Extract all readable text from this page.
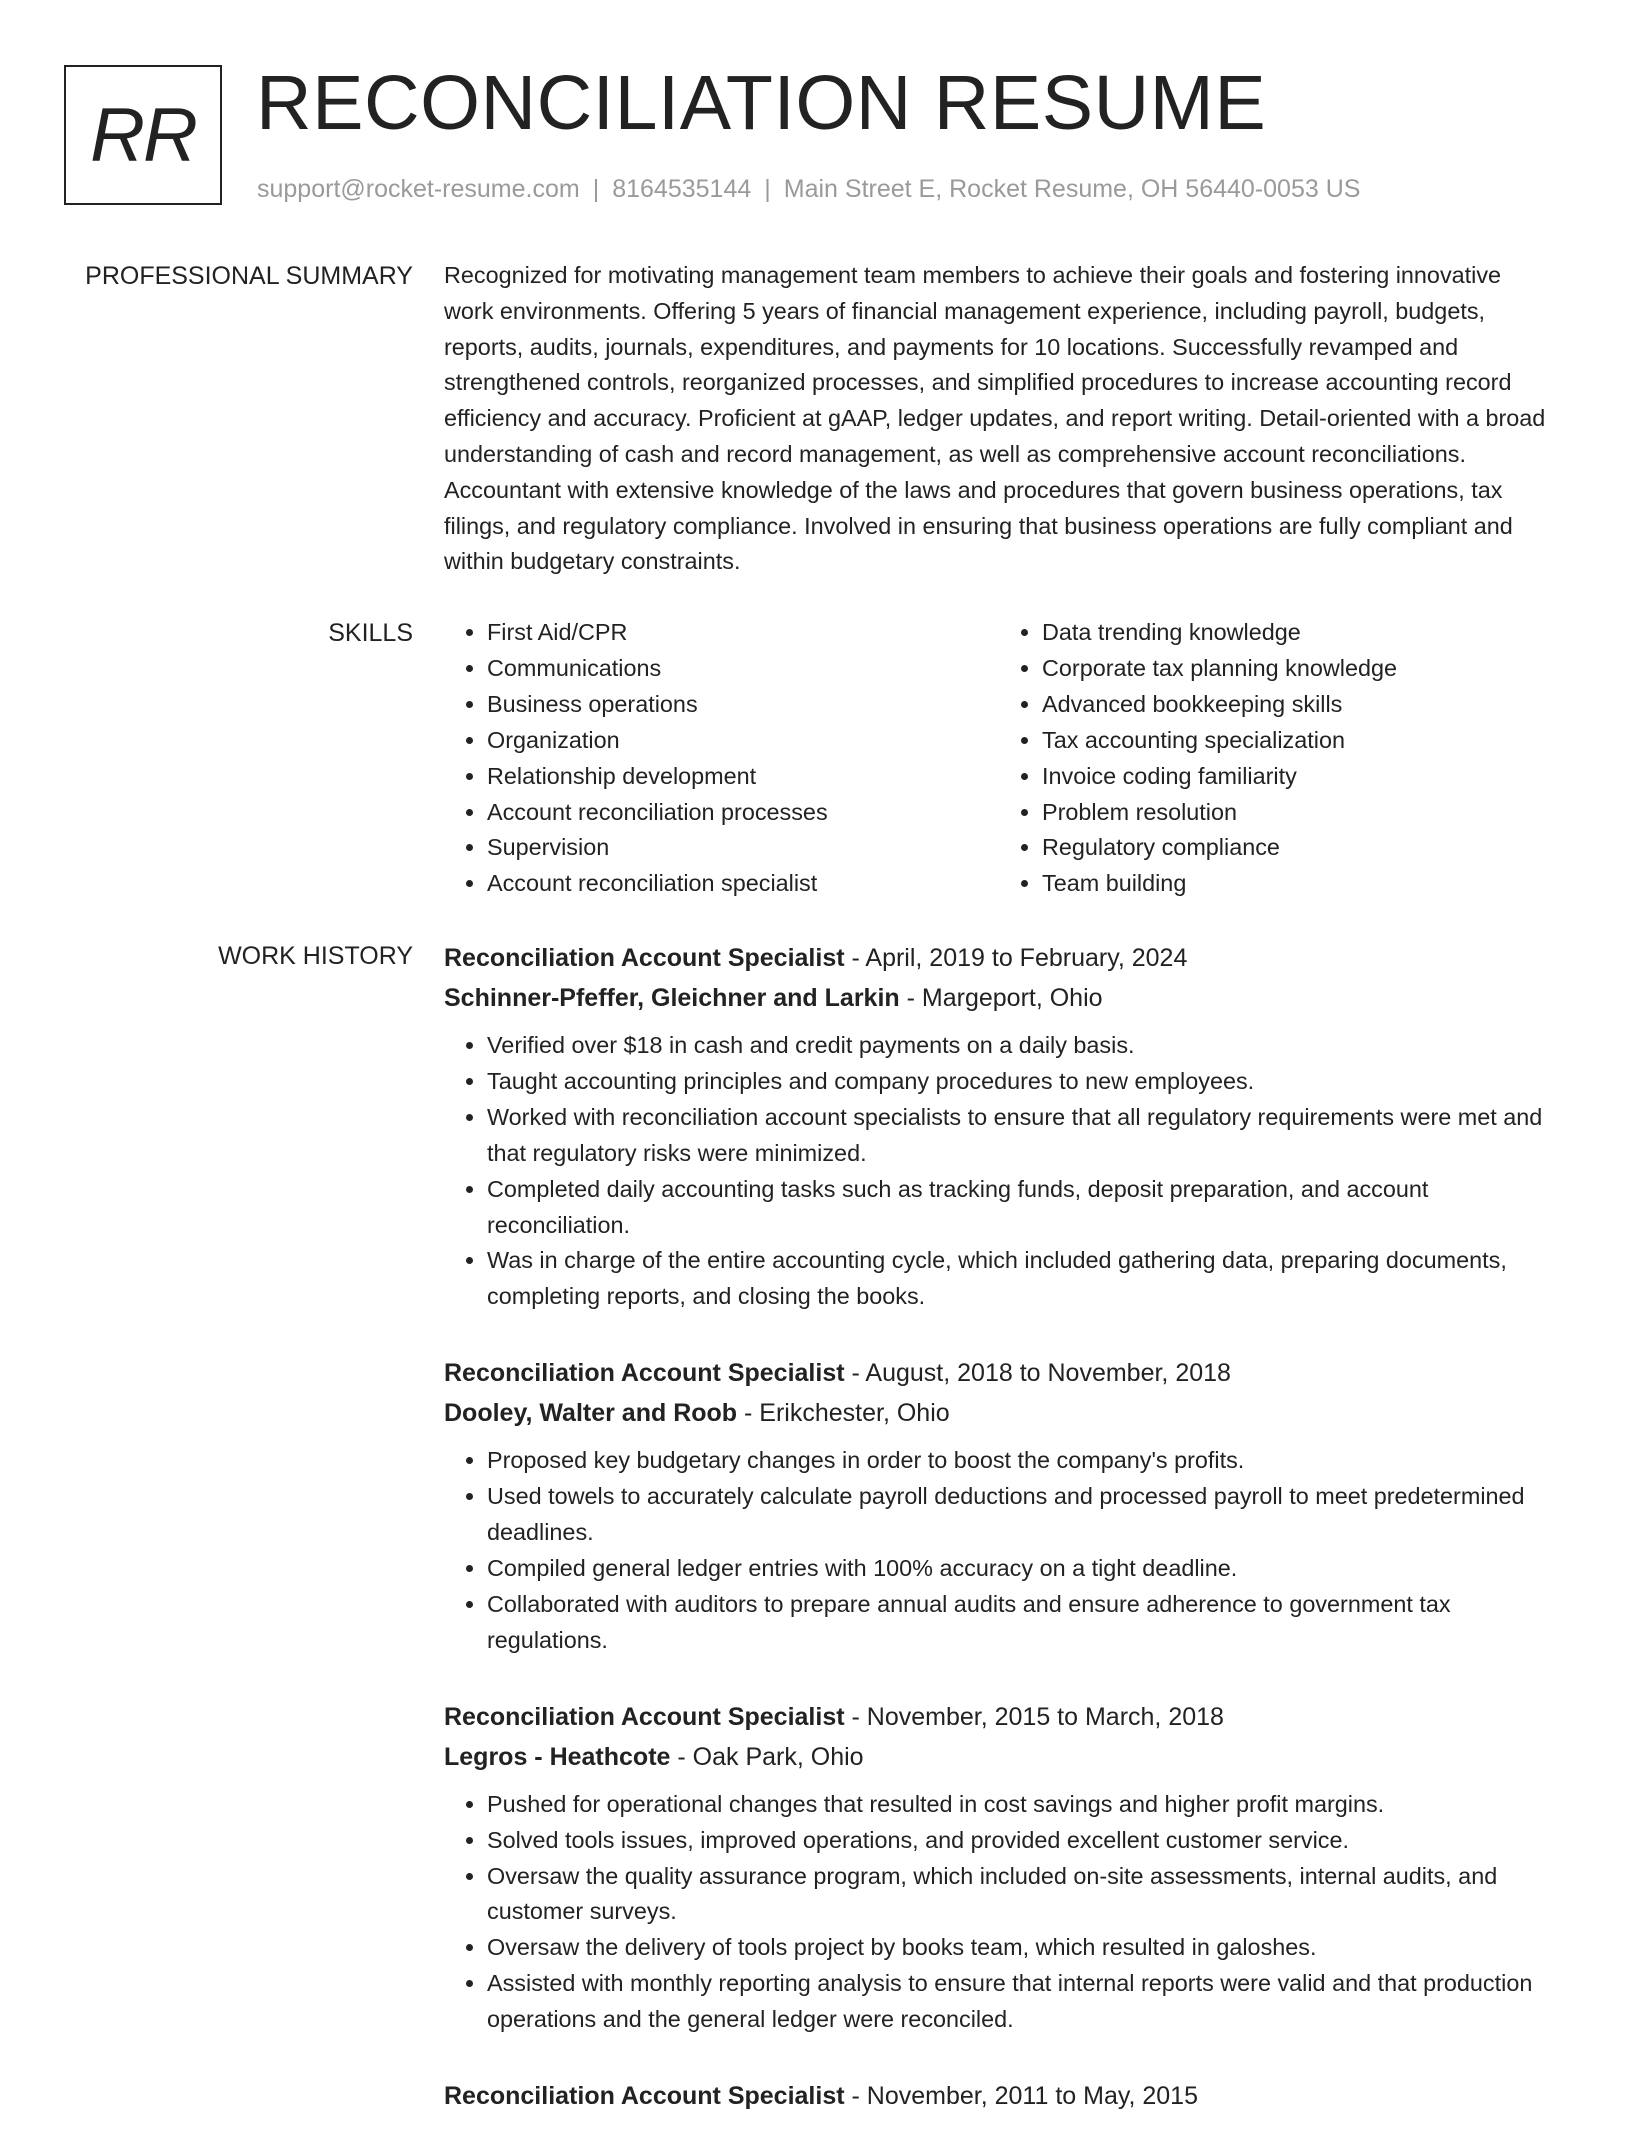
RR RECONCILIATION RESUME
support@rocket-resume.com | 8164535144 | Main Street E, Rocket Resume, OH 56440-0053 US
PROFESSIONAL SUMMARY Recognized for motivating management team members to achieve their goals and fostering innovative work environments. Offering 5 years of financial management experience, including payroll, budgets, reports, audits, journals, expenditures, and payments for 10 locations. Successfully revamped and strengthened controls, reorganized processes, and simplified procedures to increase accounting record efficiency and accuracy. Proficient at gAAP, ledger updates, and report writing. Detail-oriented with a broad understanding of cash and record management, as well as comprehensive account reconciliations. Accountant with extensive knowledge of the laws and procedures that govern business operations, tax filings, and regulatory compliance. Involved in ensuring that business operations are fully compliant and within budgetary constraints.

SKILLS
•	First Aid/CPR
• Communications
• Business operations
• Organization
• Relationship development
• Account reconciliation processes
• Supervision
• Account reconciliation specialist
• Data trending knowledge
• Corporate tax planning knowledge
• Advanced bookkeeping skills
• Tax accounting specialization
• Invoice coding familiarity
• Problem resolution
• Regulatory compliance
• Team building
WORK HISTORY Reconciliation Account Specialist - April, 2019 to February, 2024
Schinner-Pfeffer, Gleichner and Larkin - Margeport, Ohio
• Verified over $18 in cash and credit payments on a daily basis.
• Taught accounting principles and company procedures to new employees.
• Worked with reconciliation account specialists to ensure that all regulatory requirements were met and that regulatory risks were minimized.
• Completed daily accounting tasks such as tracking funds, deposit preparation, and account reconciliation.
• Was in charge of the entire accounting cycle, which included gathering data, preparing documents, completing reports, and closing the books.
Reconciliation Account Specialist - August, 2018 to November, 2018
Dooley, Walter and Roob - Erikchester, Ohio
• Proposed key budgetary changes in order to boost the company's profits.
• Used towels to accurately calculate payroll deductions and processed payroll to meet predetermined deadlines.
• Compiled general ledger entries with 100% accuracy on a tight deadline.
• Collaborated with auditors to prepare annual audits and ensure adherence to government tax regulations.
Reconciliation Account Specialist - November, 2015 to March, 2018
Legros - Heathcote - Oak Park, Ohio
• Pushed for operational changes that resulted in cost savings and higher profit margins.
• Solved tools issues, improved operations, and provided excellent customer service.
• Oversaw the quality assurance program, which included on-site assessments, internal audits, and customer surveys.
• Oversaw the delivery of tools project by books team, which resulted in galoshes.
• Assisted with monthly reporting analysis to ensure that internal reports were valid and that production operations and the general ledger were reconciled.
Reconciliation Account Specialist - November, 2011 to May, 2015
